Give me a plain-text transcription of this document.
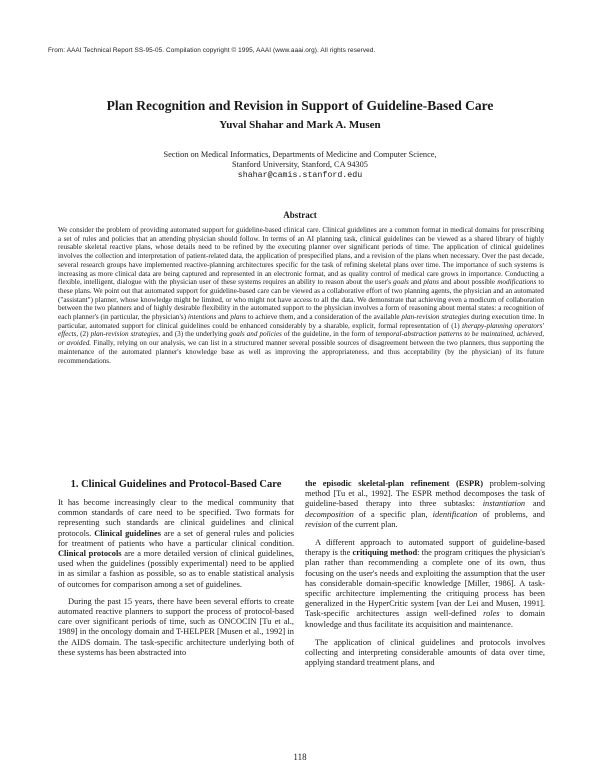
From: AAAI Technical Report SS-95-05. Compilation copyright © 1995, AAAI (www.aaai.org). All rights reserved.
Plan Recognition and Revision in Support of Guideline-Based Care
Yuval Shahar and Mark A. Musen
Section on Medical Informatics, Departments of Medicine and Computer Science,
Stanford University, Stanford, CA 94305
shahar@camis.stanford.edu
Abstract

We consider the problem of providing automated support for guideline-based clinical care. Clinical guidelines are a common format in medical domains for prescribing a set of rules and policies that an attending physician should follow. In terms of an AI planning task, clinical guidelines can be viewed as a shared library of highly reusable skeletal reactive plans, whose details need to be refined by the executing planner over significant periods of time. The application of clinical guidelines involves the collection and interpretation of patient-related data, the application of prespecified plans, and a revision of the plans when necessary. Over the past decade, several research groups have implemented reactive-planning architectures specific for the task of refining skeletal plans over time. The importance of such systems is increasing as more clinical data are being captured and represented in an electronic format, and as quality control of medical care grows in importance. Conducting a flexible, intelligent, dialogue with the physician user of these systems requires an ability to reason about the user's goals and plans and about possible modifications to these plans. We point out that automated support for guideline-based care can be viewed as a collaborative effort of two planning agents, the physician and an automated ("assistant") planner, whose knowledge might be limited, or who might not have access to all the data. We demonstrate that achieving even a modicum of collaboration between the two planners and of highly desirable flexibility in the automated support to the physician involves a form of reasoning about mental states: a recognition of each planner's (in particular, the physician's) intentions and plans to achieve them, and a consideration of the available plan-revision strategies during execution time. In particular, automated support for clinical guidelines could be enhanced considerably by a sharable, explicit, formal representation of (1) therapy-planning operators' effects, (2) plan-revision strategies, and (3) the underlying goals and policies of the guideline, in the form of temporal-abstraction patterns to be maintained, achieved, or avoided. Finally, relying on our analysis, we can list in a structured manner several possible sources of disagreement between the two planners, thus supporting the maintenance of the automated planner's knowledge base as well as improving the appropriateness, and thus acceptability (by the physician) of its future recommendations.

1. Clinical Guidelines and Protocol-Based Care

It has become increasingly clear to the medical community that common standards of care need to be specified. Two formats for representing such standards are clinical guidelines and clinical protocols. Clinical guidelines are a set of general rules and policies for treatment of patients who have a particular clinical condition. Clinical protocols are a more detailed version of clinical guidelines, used when the guidelines (possibly experimental) need to be applied in as similar a fashion as possible, so as to enable statistical analysis of outcomes for comparison among a set of guidelines.

During the past 15 years, there have been several efforts to create automated reactive planners to support the process of protocol-based care over significant periods of time, such as ONCOCIN [Tu et al., 1989] in the oncology domain and T-HELPER [Musen et al., 1992] in the AIDS domain. The task-specific architecture underlying both of these systems has been abstracted into

the episodic skeletal-plan refinement (ESPR) problem-solving method [Tu et al., 1992]. The ESPR method decomposes the task of guideline-based therapy into three subtasks: instantiation and decomposition of a specific plan, identification of problems, and revision of the current plan.

A different approach to automated support of guideline-based therapy is the critiquing method: the program critiques the physician's plan rather than recommending a complete one of its own, thus focusing on the user's needs and exploiting the assumption that the user has considerable domain-specific knowledge [Miller, 1986]. A task-specific architecture implementing the critiquing process has been generalized in the HyperCritic system [van der Lei and Musen, 1991]. Task-specific architectures assign well-defined roles to domain knowledge and thus facilitate its acquisition and maintenance.

The application of clinical guidelines and protocols involves collecting and interpreting considerable amounts of data over time, applying standard treatment plans, and

118
